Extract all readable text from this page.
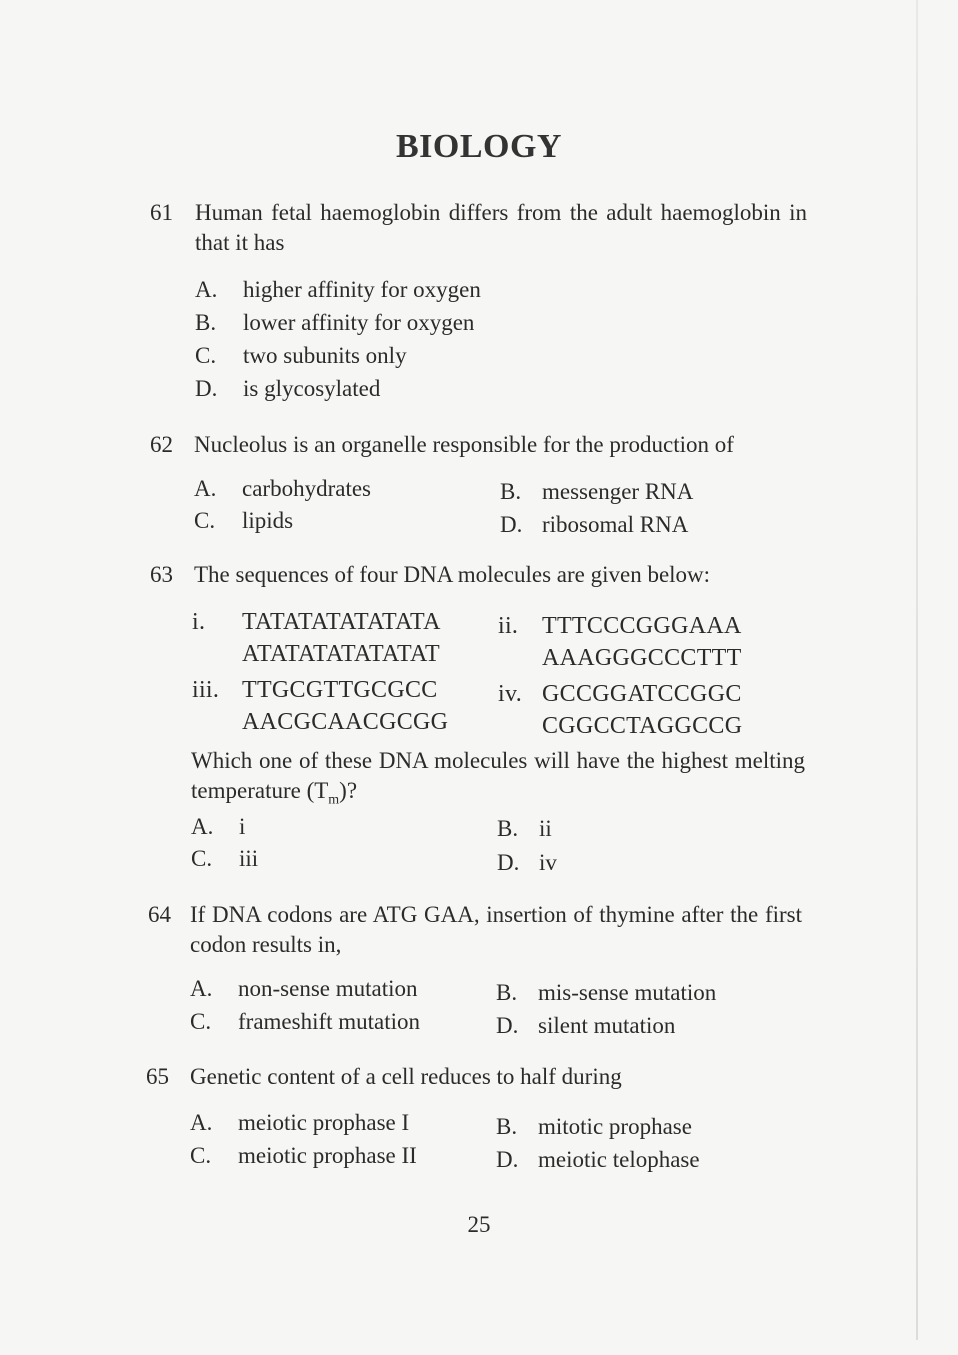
BIOLOGY
61 Human fetal haemoglobin differs from the adult haemoglobin in that it has
A. higher affinity for oxygen
B. lower affinity for oxygen
C. two subunits only
D. is glycosylated
62 Nucleolus is an organelle responsible for the production of
A. carbohydrates	B. messenger RNA
C. lipids	D. ribosomal RNA
63 The sequences of four DNA molecules are given below:
i. TATATATATATATA
ATATATATATATAT
ii. TTTCCCGGGAAA
AAAGGGCCCTTT
iii. TTGCGTTGCGCC
AACGCAACGCGG
iv. GCCGGATCCGGC
CGGCCTAGGCCG
Which one of these DNA molecules will have the highest melting temperature $(T_m)$?
A. i	B. ii
C. iii	D. iv
64 If DNA codons are ATG GAA, insertion of thymine after the first codon results in,
A. non-sense mutation	B. mis-sense mutation
C. frameshift mutation	D. silent mutation
65 Genetic content of a cell reduces to half during
A. meiotic prophase I	B. mitotic prophase
C. meiotic prophase II	D. meiotic telophase
25
